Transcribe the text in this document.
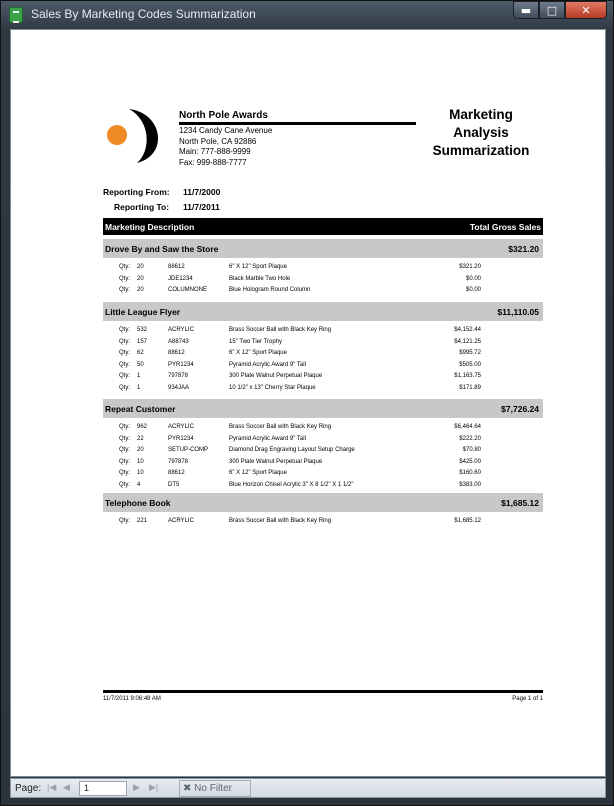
Sales By Marketing Codes Summarization	▬	□	✕
North Pole Awards
1234 Candy Cane Avenue
North Pole, CA 92886
Main: 777-888-9999
Fax: 999-888-7777
Marketing
Analysis
Summarization
Reporting From: 11/7/2000
Reporting To: 11/7/2011
Marketing Description	Total Gross Sales
Drove By and Saw the Store	$321.20
Qty: 20	88612	6" X 12" Sport Plaque	$321.20
Qty: 20	JDE1234	Black Marble Two Hole	$0.00
Qty: 20	COLUMNONE	Blue Hologram Round Column	$0.00
Little League Flyer	$11,110.05
Qty: 532	ACRYLIC	Brass Soccer Ball with Black Key Ring	$4,152.44
Qty: 157	A88743	15" Two Tier Trophy	$4,121.25
Qty: 62	88612	6" X 12" Sport Plaque	$995.72
Qty: 50	PYR1234	Pyramid Acrylic Award 9" Tall	$505.00
Qty: 1	797878	300 Plate Walnut Perpetual Plaque	$1,163.75
Qty: 1	934JAA	10 1/2" x 13" Cherry Star Plaque	$171.89
Repeat Customer	$7,726.24
Qty: 962	ACRYLIC	Brass Soccer Ball with Black Key Ring	$6,464.64
Qty: 22	PYR1234	Pyramid Acrylic Award 9" Tall	$222.20
Qty: 20	SETUP-COMP	Diamond Drag Engraving Layout Setup Charge	$70.80
Qty: 10	797878	300 Plate Walnut Perpetual Plaque	$425.00
Qty: 10	88612	6" X 12" Sport Plaque	$160.60
Qty: 4	DT5	Blue Horizon Chisel Acrylic 3" X 8 1/2" X 1 1/2"	$383.00
Telephone Book	$1,685.12
Qty: 221	ACRYLIC	Brass Soccer Ball with Black Key Ring	$1,685.12
11/7/2011 9:06:48 AM	Page 1 of 1
Page: |◀ ◀	1	▶ ▶| ✖ No Filter
